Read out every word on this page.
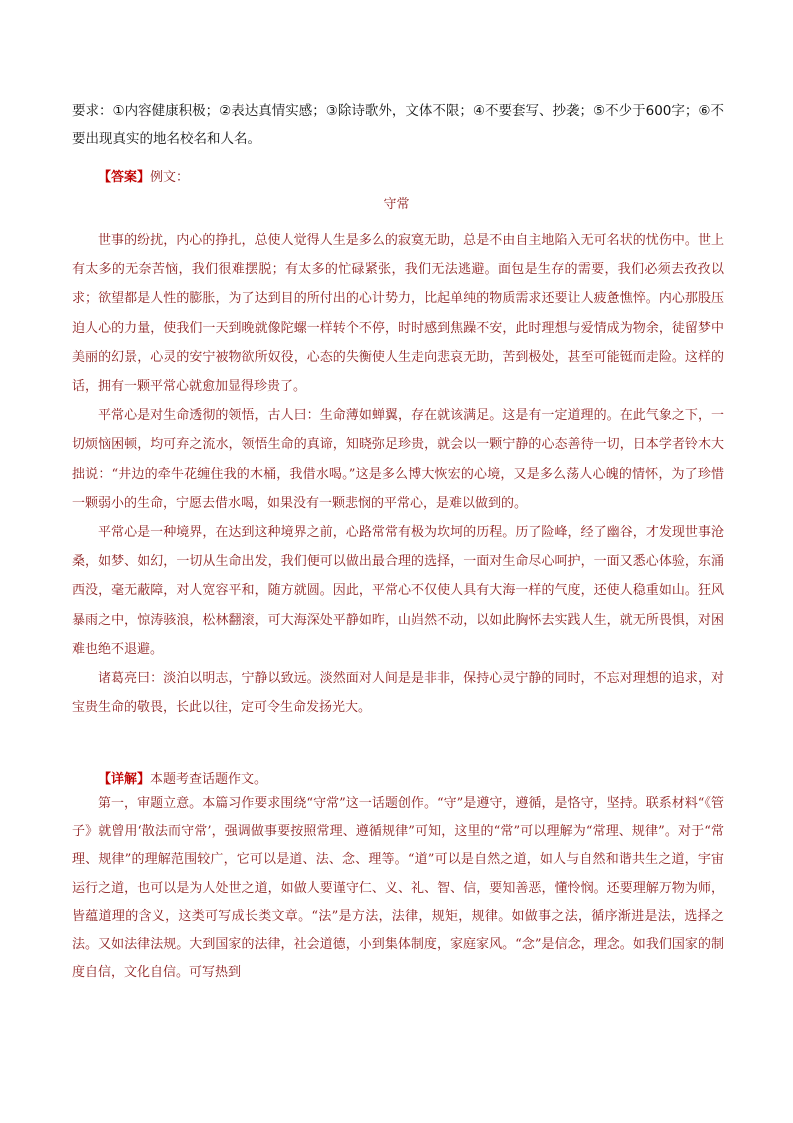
要求：①内容健康积极；②表达真情实感；③除诗歌外，文体不限；④不要套写、抄袭；⑤不少于600字；⑥不要出现真实的地名校名和人名。
【答案】例文：
守常

世事的纷扰，内心的挣扎，总使人觉得人生是多么的寂寞无助，总是不由自主地陷入无可名状的忧伤中。世上有太多的无奈苦恼，我们很难摆脱；有太多的忙碌紧张，我们无法逃避。面包是生存的需要，我们必须去孜孜以求；欲望都是人性的膨胀，为了达到目的所付出的心计势力，比起单纯的物质需求还要让人疲惫憔悴。内心那股压迫人心的力量，使我们一天到晚就像陀螺一样转个不停，时时感到焦躁不安，此时理想与爱情成为物余，徒留梦中美丽的幻景，心灵的安宁被物欲所奴役，心态的失衡使人生走向悲哀无助，苦到极处，甚至可能铤而走险。这样的话，拥有一颗平常心就愈加显得珍贵了。

平常心是对生命透彻的领悟，古人曰：生命薄如蝉翼，存在就该满足。这是有一定道理的。在此气象之下，一切烦恼困顿，均可弃之流水，领悟生命的真谛，知晓弥足珍贵，就会以一颗宁静的心态善待一切，日本学者铃木大拙说：“井边的牵牛花缠住我的木桶，我借水喝。”这是多么博大恢宏的心境，又是多么荡人心魄的情怀，为了珍惜一颗弱小的生命，宁愿去借水喝，如果没有一颗悲悯的平常心，是难以做到的。

平常心是一种境界，在达到这种境界之前，心路常常有极为坎坷的历程。历了险峰，经了幽谷，才发现世事沧桑，如梦、如幻，一切从生命出发，我们便可以做出最合理的选择，一面对生命尽心呵护，一面又悉心体验，东涌西没，毫无蔽障，对人宽容平和，随方就圆。因此，平常心不仅使人具有大海一样的气度，还使人稳重如山。狂风暴雨之中，惊涛骇浪，松林翻滚，可大海深处平静如昨，山岿然不动，以如此胸怀去实践人生，就无所畏惧，对困难也绝不退避。

诸葛亮曰：淡泊以明志，宁静以致远。淡然面对人间是是非非，保持心灵宁静的同时，不忘对理想的追求，对宝贵生命的敬畏，长此以往，定可令生命发扬光大。

【详解】本题考查话题作文。

第一，审题立意。本篇习作要求围绕“守常”这一话题创作。“守”是遵守，遵循，是恪守，坚持。联系材料“《管子》就曾用‘散法而守常’，强调做事要按照常理、遵循规律”可知，这里的“常”可以理解为“常理、规律”。对于“常理、规律”的理解范围较广，它可以是道、法、念、理等。“道”可以是自然之道，如人与自然和谐共生之道，宇宙运行之道，也可以是为人处世之道，如做人要谨守仁、义、礼、智、信，要知善恶，懂怜悯。还要理解万物为师，皆蕴道理的含义，这类可写成长类文章。“法”是方法，法律，规矩，规律。如做事之法，循序渐进是法，选择之法。又如法律法规。大到国家的法律，社会道德，小到集体制度，家庭家风。“念”是信念，理念。如我们国家的制度自信，文化自信。可写热到
